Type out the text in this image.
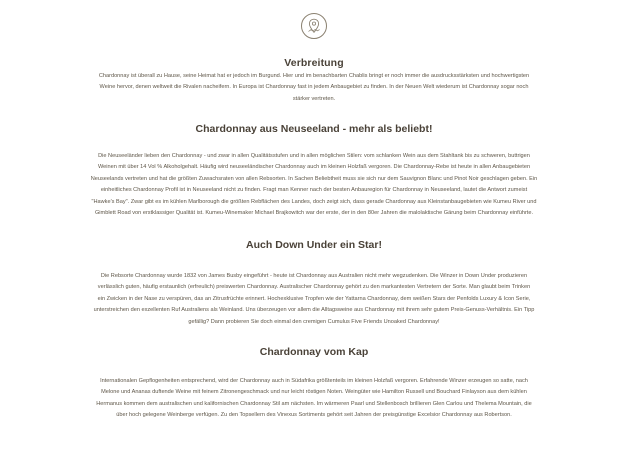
Verbreitung
Chardonnay ist überall zu Hause, seine Heimat hat er jedoch im Burgund. Hier und im benachbarten Chablis bringt er noch immer die ausdrucksstärksten und hochwertigsten
Weine hervor, denen weltweit die Rivalen nacheifern. In Europa ist Chardonnay fast in jedem Anbaugebiet zu finden. In der Neuen Welt wiederum ist Chardonnay sogar noch
stärker vertreten.
Chardonnay aus Neuseeland - mehr als beliebt!
Die Neuseeländer lieben den Chardonnay - und zwar in allen Qualitätsstufen und in allen möglichen Stilen: vom schlanken Wein aus dem Stahltank bis zu schweren, buttrigen
Weinen mit über 14 Vol % Alkoholgehalt. Häufig wird neuseeländischer Chardonnay auch im kleinen Holzfaß vergoren. Die Chardonnay-Rebe ist heute in allen Anbaugebieten
Neuseelands vertreten und hat die größten Zuwachsraten von allen Rebsorten. In Sachen Beliebtheit muss sie sich nur dem Sauvignon Blanc und Pinot Noir geschlagen geben. Ein
einheitliches Chardonnay Profil ist in Neuseeland nicht zu finden. Fragt man Kenner nach der besten Anbauregion für Chardonnay in Neuseeland, lautet die Antwort zumeist
"Hawke's Bay". Zwar gibt es im kühlen Marlborough die größten Rebflächen des Landes, doch zeigt sich, dass gerade Chardonnay aus Kleinstanbaugebieten wie Kumeu River und
Gimblett Road von erstklassiger Qualität ist. Kumeu-Winemaker Michael Brajkowitch war der erste, der in den 80er Jahren die malolaktische Gärung beim Chardonnay einführte.
Auch Down Under ein Star!
Die Rebsorte Chardonnay wurde 1832 von James Busby eingeführt - heute ist Chardonnay aus Australien nicht mehr wegzudenken. Die Winzer in Down Under produzieren
verlässlich guten, häufig erstaunlich (erfreulich) preiswerten Chardonnay. Australischer Chardonnay gehört zu den markantesten Vertretern der Sorte. Man glaubt beim Trinken
ein Zwicken in der Nase zu verspüren, das an Zitrusfrüchte erinnert. Hochexklusive Tropfen wie der Yattarna Chardonnay, dem weißen Stars der Penfolds Luxury & Icon Serie,
unterstreichen den exzellenten Ruf Australiens als Weinland. Uns überzeugen vor allem die Alltagsweine aus Chardonnay mit ihrem sehr gutem Preis-Genuss-Verhältnis. Ein Tipp
gefällig? Dann probieren Sie doch einmal den cremigen Cumulus Five Friends Unoaked Chardonnay!
Chardonnay vom Kap
Internationalen Gepflogenheiten entsprechend, wird der Chardonnay auch in Südafrika größtenteils im kleinen Holzfaß vergoren. Erfahrende Winzer erzeugen so satte, nach
Melone und Ananas duftende Weine mit feinem Zitronengeschmack und nur leicht röstigen Noten. Weingüter wie Hamilton Russell und Bouchard Finlayson aus dem kühlen
Hermanus kommen dem australischen und kalifornischen Chardonnay Stil am nächsten. Im wärmeren Paarl und Stellenbosch brillieren Glen Carlou und Thelema Mountain, die
über hoch gelegene Weinberge verfügen. Zu den Topsellern des Vinexus Sortiments gehört seit Jahren der preisgünstige Excelsior Chardonnay aus Robertson.
